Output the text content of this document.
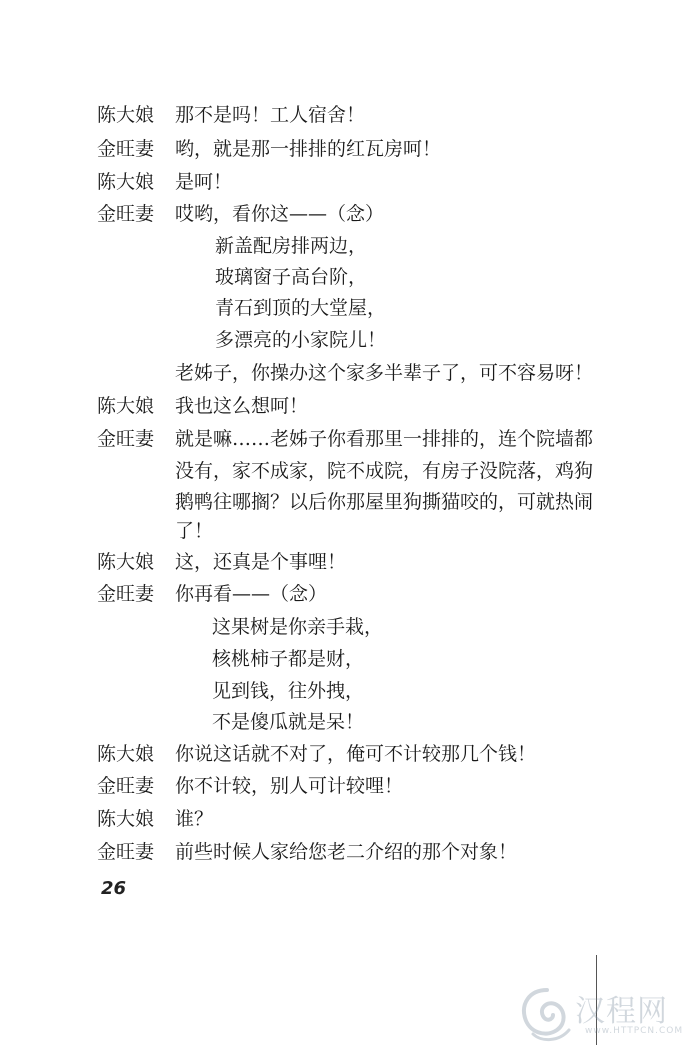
陈大娘	那不是吗！工人宿舍！
金旺妻	哟，就是那一排排的红瓦房呵！
陈大娘	是呵！
金旺妻	哎哟，看你这——（念）
新盖配房排两边，
玻璃窗子高台阶，
青石到顶的大堂屋，
多漂亮的小家院儿！
老姊子，你操办这个家多半辈子了，可不容易呀！
陈大娘	我也这么想呵！
金旺妻	就是嘛……老姊子你看那里一排排的，连个院墙都
没有，家不成家，院不成院，有房子没院落，鸡狗
鹅鸭往哪搁？以后你那屋里狗撕猫咬的，可就热闹
了！
陈大娘	这，还真是个事哩！
金旺妻	你再看——（念）
这果树是你亲手栽，
核桃柿子都是财，
见到钱，往外拽，
不是傻瓜就是呆！
陈大娘	你说这话就不对了，俺可不计较那几个钱！
金旺妻	你不计较，别人可计较哩！
陈大娘	谁？
金旺妻	前些时候人家给您老二介绍的那个对象！
26
汉程网
www.HTTPCN.COM
